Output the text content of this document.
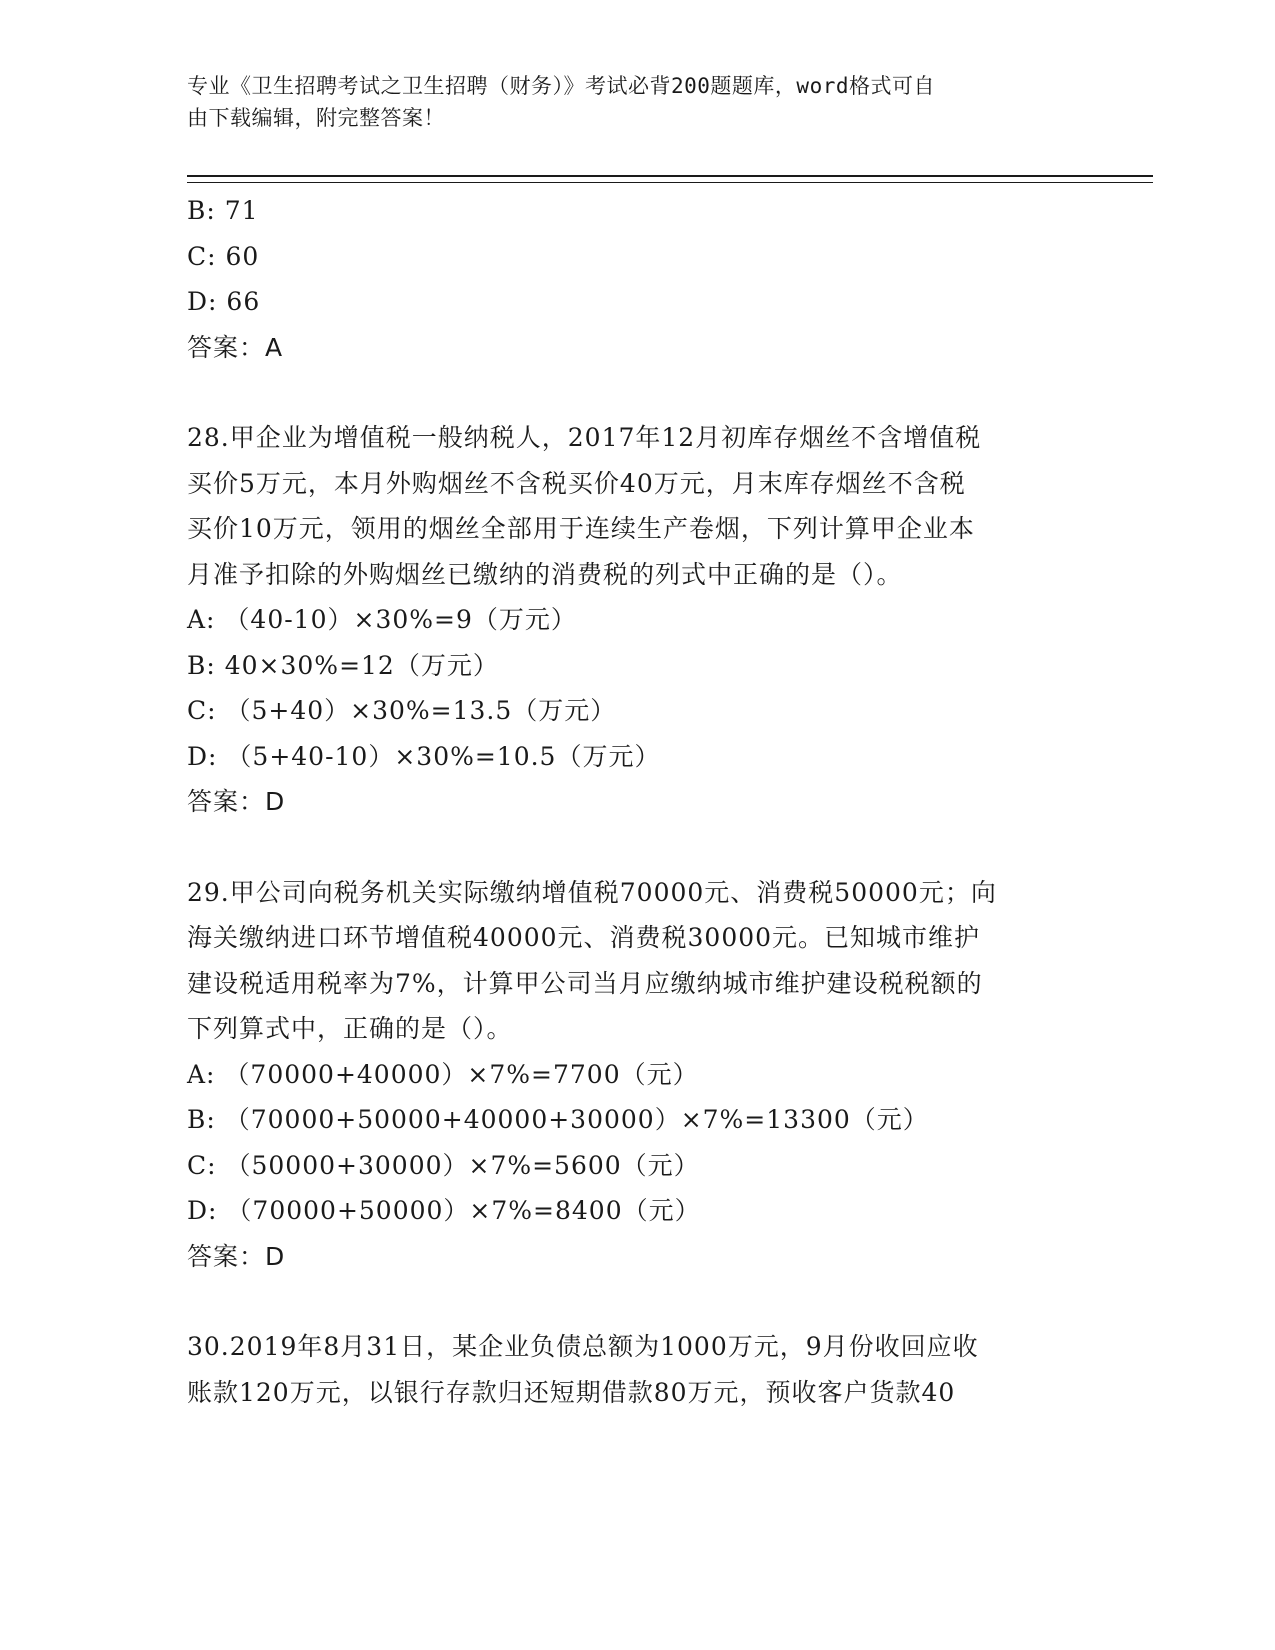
专业《卫生招聘考试之卫生招聘（财务）》考试必背200题题库，word格式可自
由下载编辑，附完整答案！
B: 71
C: 60
D: 66
答案：A
28.甲企业为增值税一般纳税人，2017年12月初库存烟丝不含增值税
买价5万元，本月外购烟丝不含税买价40万元，月末库存烟丝不含税
买价10万元，领用的烟丝全部用于连续生产卷烟，下列计算甲企业本
月准予扣除的外购烟丝已缴纳的消费税的列式中正确的是（）。
A: （40-10）×30%=9（万元）
B: 40×30%=12（万元）
C: （5+40）×30%=13.5（万元）
D: （5+40-10）×30%=10.5（万元）
答案：D
29.甲公司向税务机关实际缴纳增值税70000元、消费税50000元；向
海关缴纳进口环节增值税40000元、消费税30000元。已知城市维护
建设税适用税率为7%，计算甲公司当月应缴纳城市维护建设税税额的
下列算式中，正确的是（）。
A: （70000+40000）×7%=7700（元）
B: （70000+50000+40000+30000）×7%=13300（元）
C: （50000+30000）×7%=5600（元）
D: （70000+50000）×7%=8400（元）
答案：D
30.2019年8月31日，某企业负债总额为1000万元，9月份收回应收
账款120万元，以银行存款归还短期借款80万元，预收客户货款40
